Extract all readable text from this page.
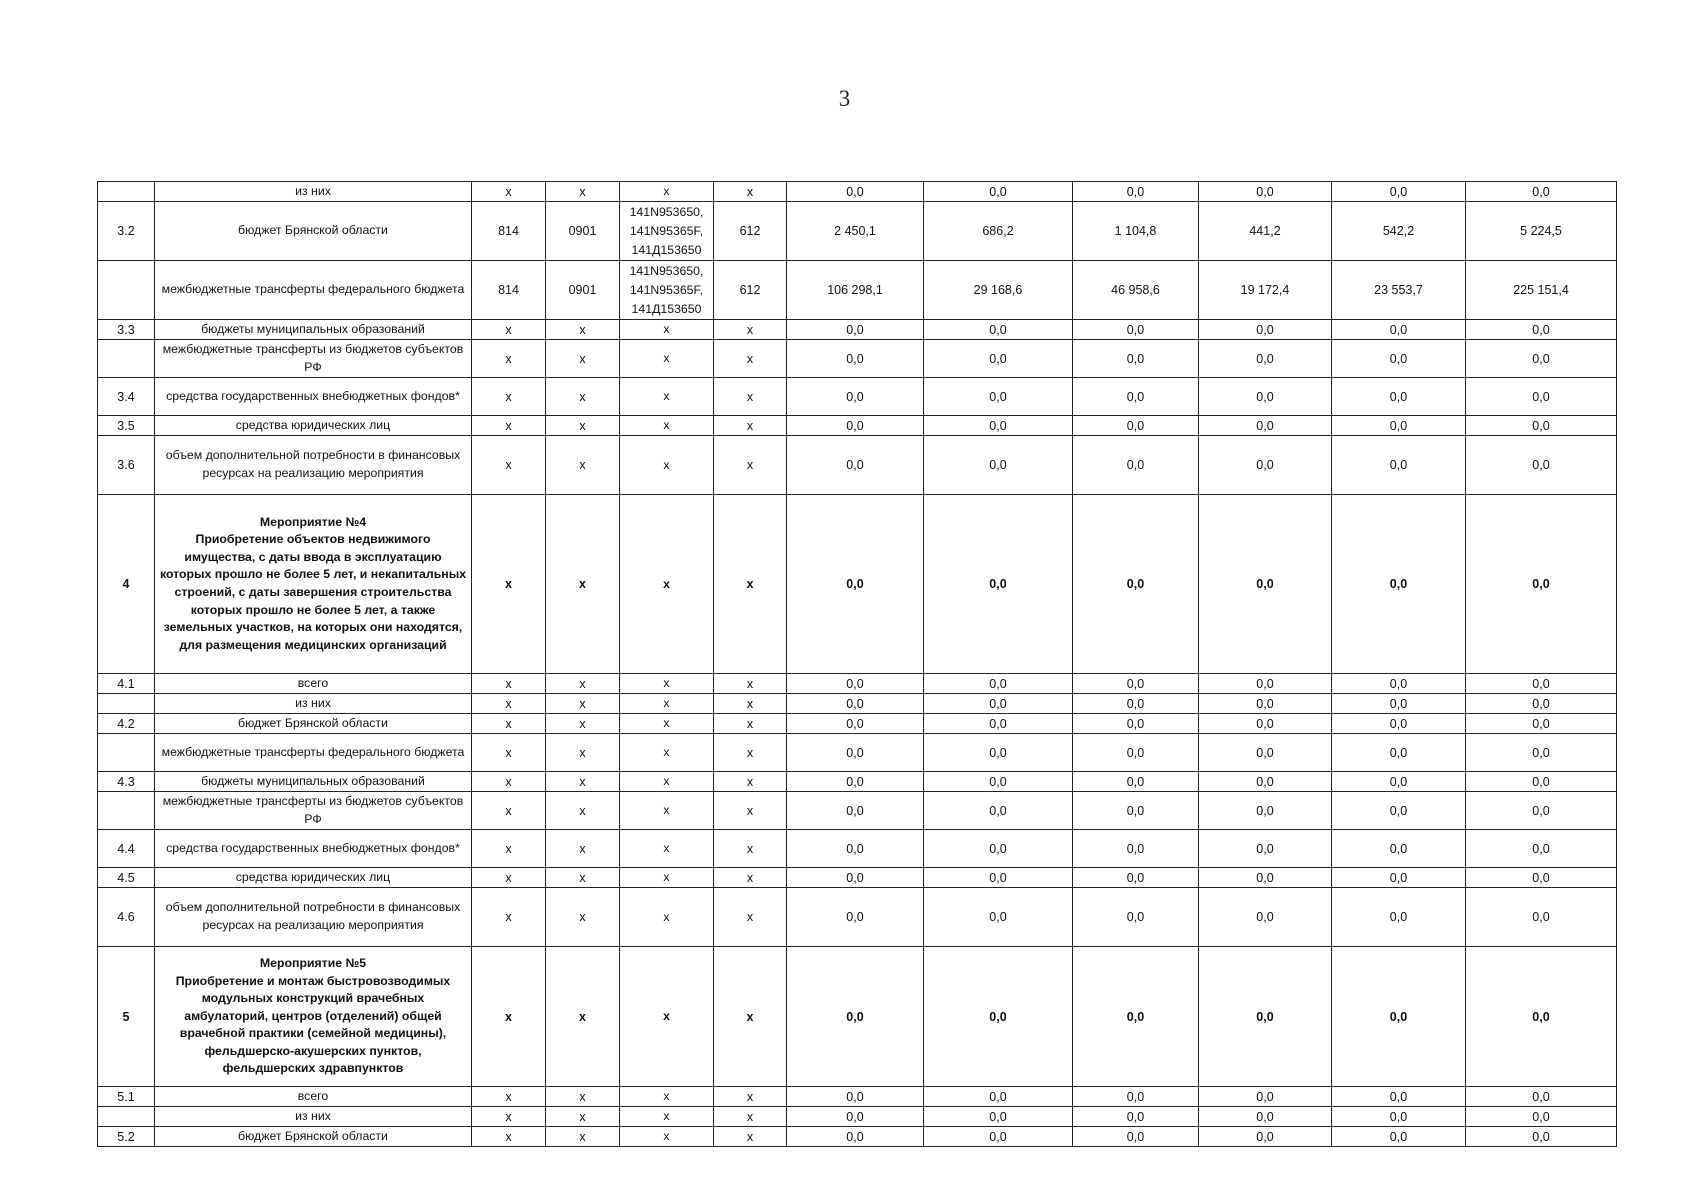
3
	из них	x	x	x	x	0,0	0,0	0,0	0,0	0,0	0,0
3.2	бюджет Брянской области	814	0901	141N953650,
141N95365F,
141Д153650	612	2 450,1	686,2	1 104,8	441,2	542,2	5 224,5
	межбюджетные трансферты федерального бюджета	814	0901	141N953650,
141N95365F,
141Д153650	612	106 298,1	29 168,6	46 958,6	19 172,4	23 553,7	225 151,4
3.3	бюджеты муниципальных образований	x	x	x	x	0,0	0,0	0,0	0,0	0,0	0,0
	межбюджетные трансферты из бюджетов субъектов РФ	x	x	x	x	0,0	0,0	0,0	0,0	0,0	0,0
3.4	средства государственных внебюджетных фондов*	x	x	x	x	0,0	0,0	0,0	0,0	0,0	0,0
3.5	средства юридических лиц	x	x	x	x	0,0	0,0	0,0	0,0	0,0	0,0
3.6	объем дополнительной потребности в финансовых ресурсах на реализацию мероприятия	x	x	x	x	0,0	0,0	0,0	0,0	0,0	0,0
4	Мероприятие №4
Приобретение объектов недвижимого имущества, с даты ввода в эксплуатацию которых прошло не более 5 лет, и некапитальных строений, с даты завершения строительства которых прошло не более 5 лет, а также земельных участков, на которых они находятся, для размещения медицинских организаций	x	x	x	x	0,0	0,0	0,0	0,0	0,0	0,0
4.1	всего	x	x	x	x	0,0	0,0	0,0	0,0	0,0	0,0
	из них	x	x	x	x	0,0	0,0	0,0	0,0	0,0	0,0
4.2	бюджет Брянской области	x	x	x	x	0,0	0,0	0,0	0,0	0,0	0,0
	межбюджетные трансферты федерального бюджета	x	x	x	x	0,0	0,0	0,0	0,0	0,0	0,0
4.3	бюджеты муниципальных образований	x	x	x	x	0,0	0,0	0,0	0,0	0,0	0,0
	межбюджетные трансферты из бюджетов субъектов РФ	x	x	x	x	0,0	0,0	0,0	0,0	0,0	0,0
4.4	средства государственных внебюджетных фондов*	x	x	x	x	0,0	0,0	0,0	0,0	0,0	0,0
4.5	средства юридических лиц	x	x	x	x	0,0	0,0	0,0	0,0	0,0	0,0
4.6	объем дополнительной потребности в финансовых ресурсах на реализацию мероприятия	x	x	x	x	0,0	0,0	0,0	0,0	0,0	0,0
5	Мероприятие №5
Приобретение и монтаж быстровозводимых модульных конструкций врачебных амбулаторий, центров (отделений) общей врачебной практики (семейной медицины), фельдшерско-акушерских пунктов, фельдшерских здравпунктов	x	x	x	x	0,0	0,0	0,0	0,0	0,0	0,0
5.1	всего	x	x	x	x	0,0	0,0	0,0	0,0	0,0	0,0
	из них	x	x	x	x	0,0	0,0	0,0	0,0	0,0	0,0
5.2	бюджет Брянской области	x	x	x	x	0,0	0,0	0,0	0,0	0,0	0,0
